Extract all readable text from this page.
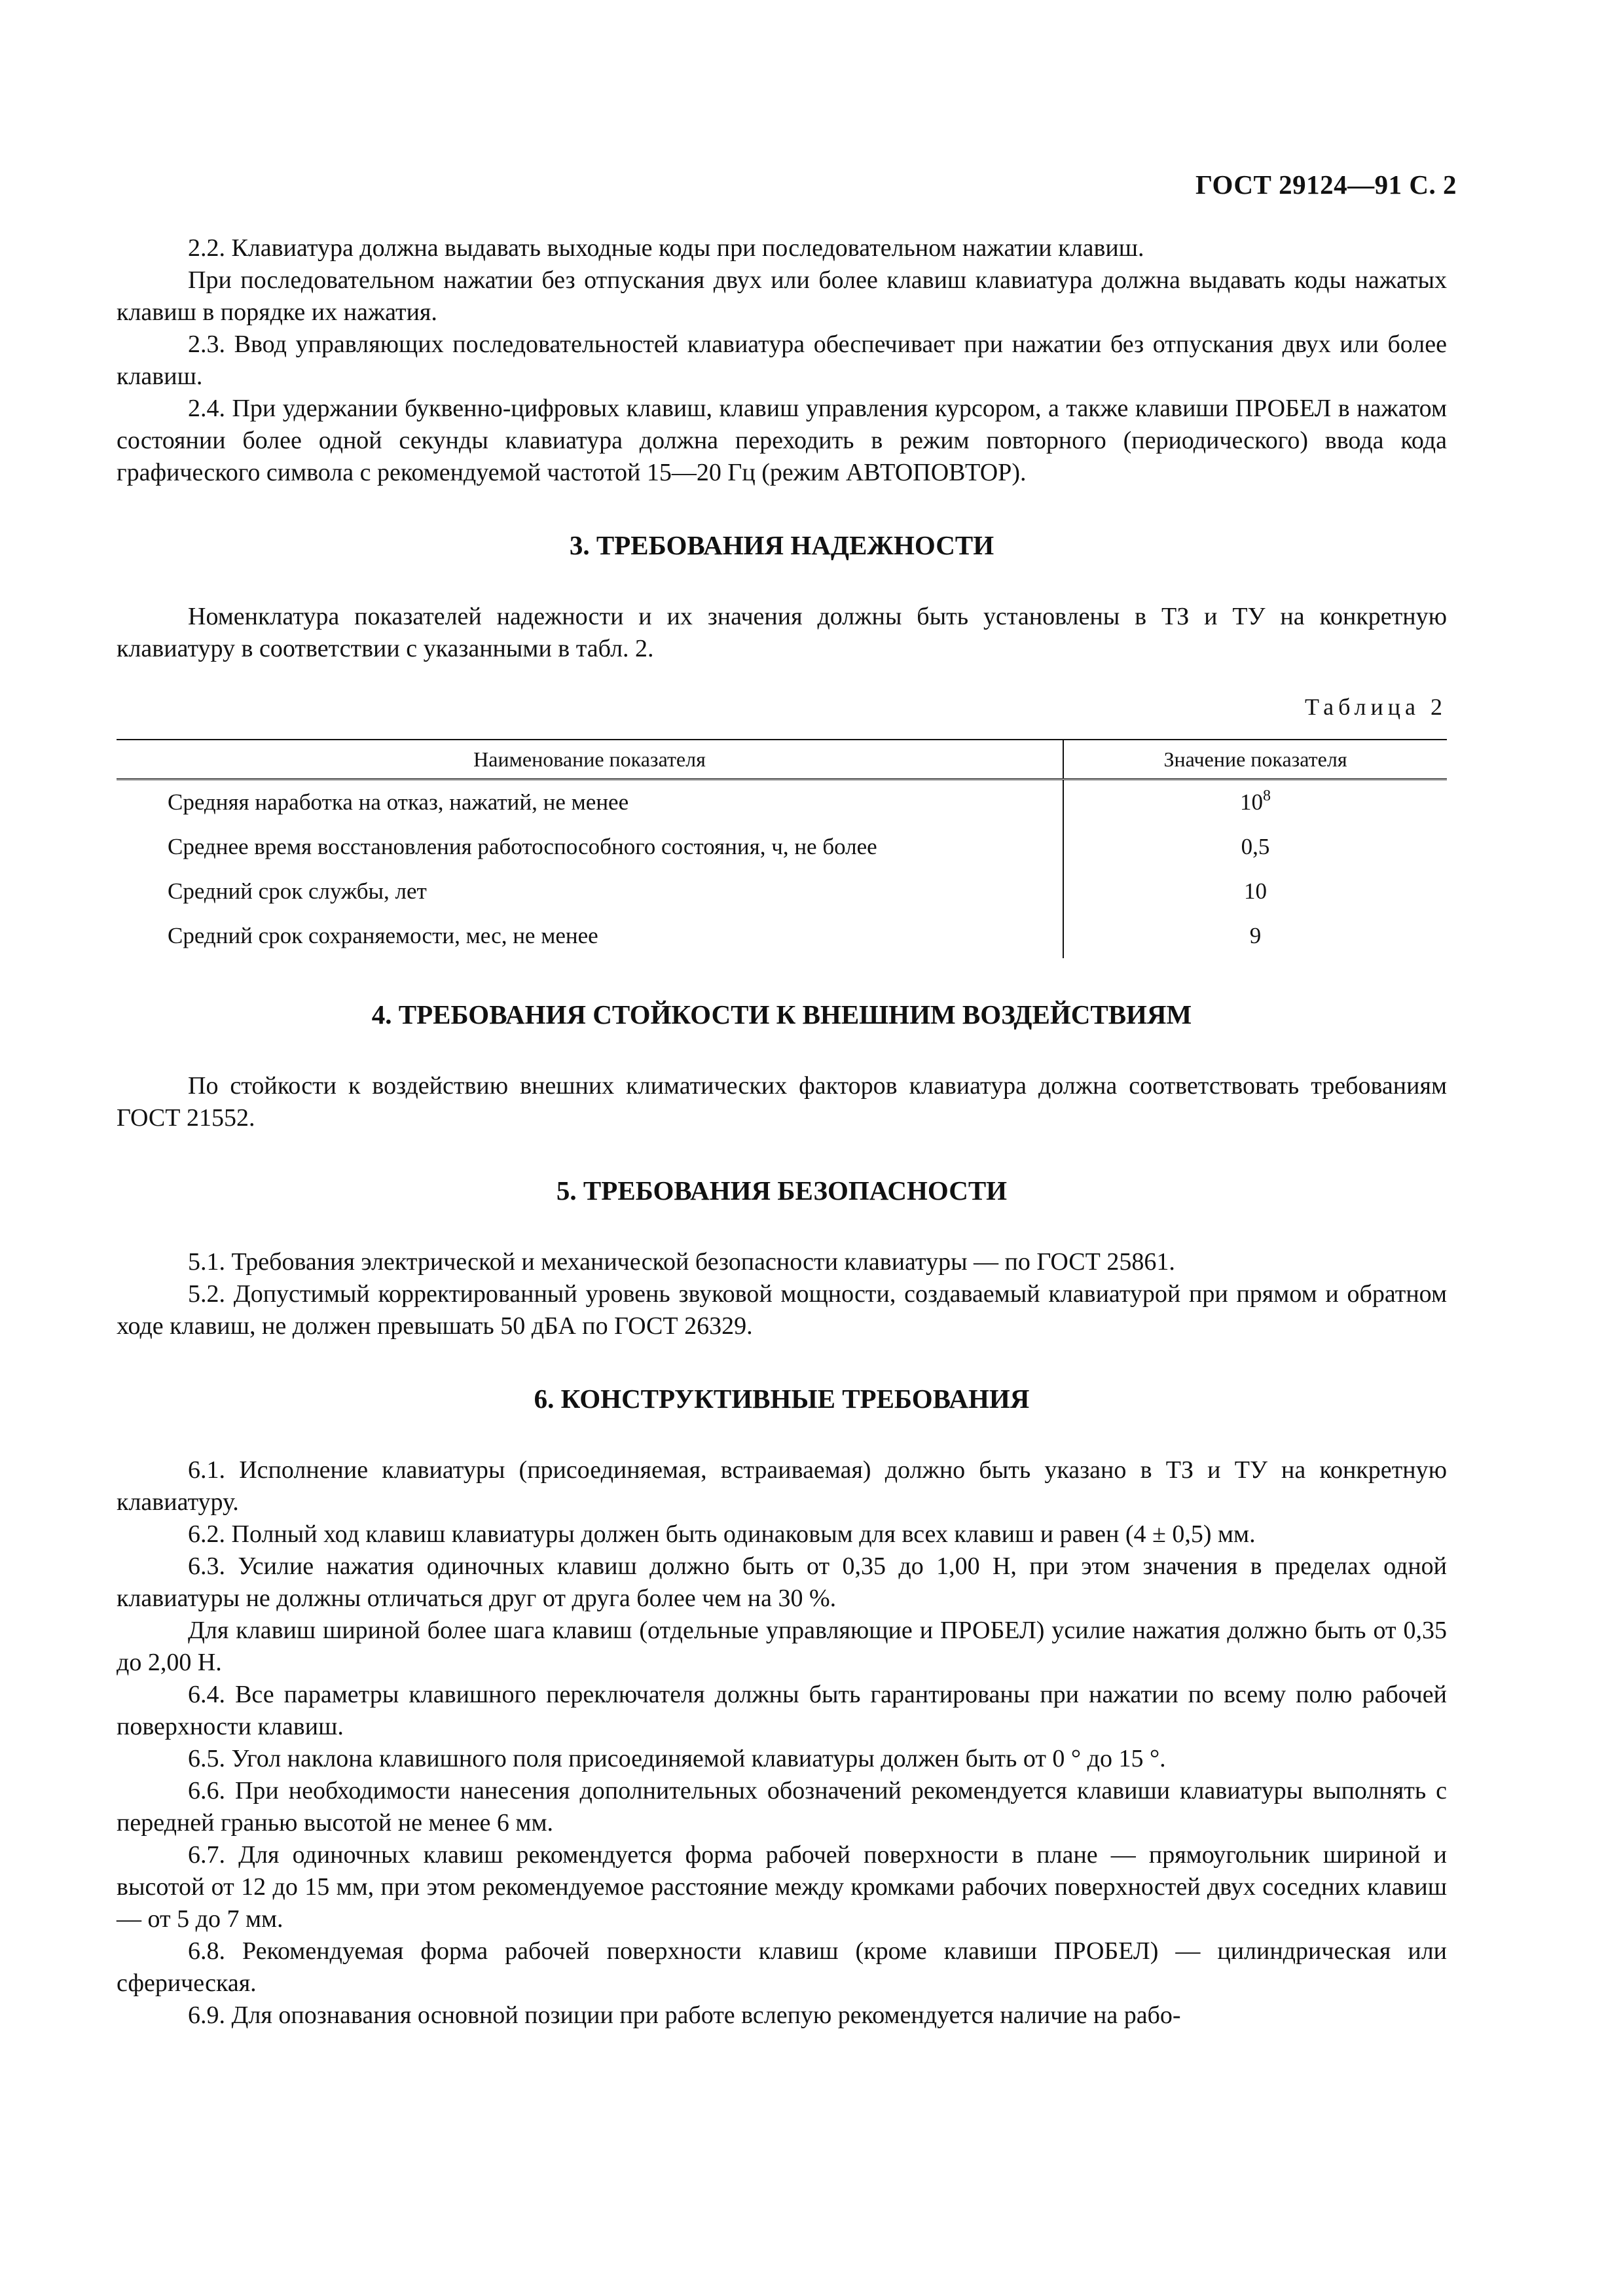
ГОСТ 29124—91 С. 2

2.2. Клавиатура должна выдавать выходные коды при последовательном нажатии клавиш.

При последовательном нажатии без отпускания двух или более клавиш клавиатура должна выдавать коды нажатых клавиш в порядке их нажатия.

2.3. Ввод управляющих последовательностей клавиатура обеспечивает при нажатии без отпускания двух или более клавиш.

2.4. При удержании буквенно-цифровых клавиш, клавиш управления курсором, а также клавиши ПРОБЕЛ в нажатом состоянии более одной секунды клавиатура должна переходить в режим повторного (периодического) ввода кода графического символа с рекомендуемой частотой 15—20 Гц (режим АВТОПОВТОР).

3. ТРЕБОВАНИЯ НАДЕЖНОСТИ

Номенклатура показателей надежности и их значения должны быть установлены в ТЗ и ТУ на конкретную клавиатуру в соответствии с указанными в табл. 2.

Таблица 2
Наименование показателя	Значение показателя
Средняя наработка на отказ, нажатий, не менее	$10^8$
Среднее время восстановления работоспособного состояния, ч, не более	0,5
Средний срок службы, лет	10
Средний срок сохраняемости, мес, не менее	9
4. ТРЕБОВАНИЯ СТОЙКОСТИ К ВНЕШНИМ ВОЗДЕЙСТВИЯМ

По стойкости к воздействию внешних климатических факторов клавиатура должна соответствовать требованиям ГОСТ 21552.

5. ТРЕБОВАНИЯ БЕЗОПАСНОСТИ

5.1. Требования электрической и механической безопасности клавиатуры — по ГОСТ 25861.

5.2. Допустимый корректированный уровень звуковой мощности, создаваемый клавиатурой при прямом и обратном ходе клавиш, не должен превышать 50 дБА по ГОСТ 26329.

6. КОНСТРУКТИВНЫЕ ТРЕБОВАНИЯ

6.1. Исполнение клавиатуры (присоединяемая, встраиваемая) должно быть указано в ТЗ и ТУ на конкретную клавиатуру.

6.2. Полный ход клавиш клавиатуры должен быть одинаковым для всех клавиш и равен (4 ± 0,5) мм.

6.3. Усилие нажатия одиночных клавиш должно быть от 0,35 до 1,00 Н, при этом значения в пределах одной клавиатуры не должны отличаться друг от друга более чем на 30 %.

Для клавиш шириной более шага клавиш (отдельные управляющие и ПРОБЕЛ) усилие нажатия должно быть от 0,35 до 2,00 Н.

6.4. Все параметры клавишного переключателя должны быть гарантированы при нажатии по всему полю рабочей поверхности клавиш.

6.5. Угол наклона клавишного поля присоединяемой клавиатуры должен быть от 0 ° до 15 °.

6.6. При необходимости нанесения дополнительных обозначений рекомендуется клавиши клавиатуры выполнять с передней гранью высотой не менее 6 мм.

6.7. Для одиночных клавиш рекомендуется форма рабочей поверхности в плане — прямоугольник шириной и высотой от 12 до 15 мм, при этом рекомендуемое расстояние между кромками рабочих поверхностей двух соседних клавиш — от 5 до 7 мм.

6.8. Рекомендуемая форма рабочей поверхности клавиш (кроме клавиши ПРОБЕЛ) — цилиндрическая или сферическая.

6.9. Для опознавания основной позиции при работе вслепую рекомендуется наличие на рабо-
